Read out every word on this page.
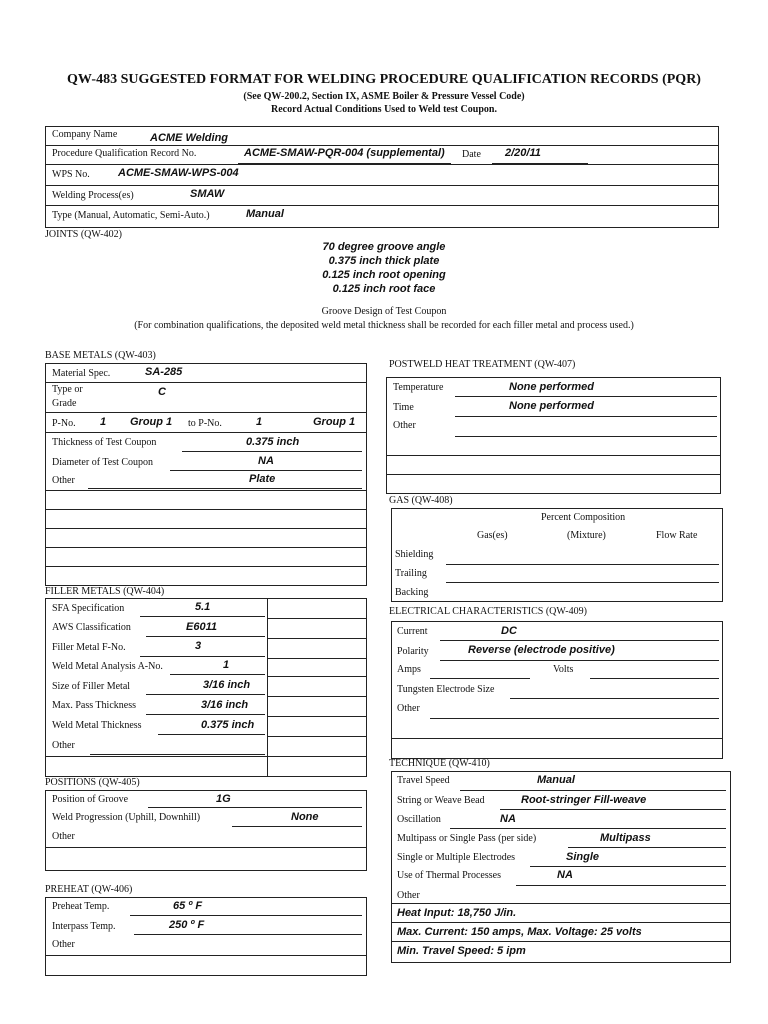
QW-483 SUGGESTED FORMAT FOR WELDING PROCEDURE QUALIFICATION RECORDS (PQR)
(See QW-200.2, Section IX, ASME Boiler & Pressure Vessel Code)
Record Actual Conditions Used to Weld test Coupon.
Company Name	ACME Welding
Procedure Qualification Record No.	ACME-SMAW-PQR-004 (supplemental) Date 2/20/11
WPS No.	ACME-SMAW-WPS-004
Welding Process(es)	SMAW
Type (Manual, Automatic, Semi-Auto.)	Manual
JOINTS (QW-402)
70 degree groove angle
0.375 inch thick plate
0.125 inch root opening
0.125 inch root face
Groove Design of Test Coupon
(For combination qualifications, the deposited weld metal thickness shall be recorded for each filler metal and process used.)
BASE METALS (QW-403)
Material Spec.	SA-285
Type or
Grade
C
P-No. 1 Group 1 to P-No.	1	Group 1
Thickness of Test Coupon	0.375 inch
Diameter of Test Coupon	NA
Other	Plate
POSTWELD HEAT TREATMENT (QW-407)
Temperature	None performed
Time	None performed
Other
GAS (QW-408)
Percent Composition
Gas(es)	(Mixture)	Flow Rate
Shielding
Trailing
Backing
FILLER METALS (QW-404)
SFA Specification	5.1
AWS Classification	E6011
Filler Metal F-No.	3
Weld Metal Analysis A-No.	1
Size of Filler Metal	3/16 inch
Max. Pass Thickness	3/16 inch
Weld Metal Thickness	0.375 inch
Other
ELECTRICAL CHARACTERISTICS (QW-409)
Current	DC
Polarity	Reverse (electrode positive)
Amps	Volts
Tungsten Electrode Size
Other
POSITIONS (QW-405)
Position of Groove	1G
Weld Progression (Uphill, Downhill)	None
Other
TECHNIQUE (QW-410)
Travel Speed	Manual
String or Weave Bead	Root-stringer Fill-weave
Oscillation	NA
Multipass or Single Pass (per side)	Multipass
Single or Multiple Electrodes	Single
Use of Thermal Processes	NA
Other
Heat Input: 18,750 J/in.
Max. Current: 150 amps, Max. Voltage: 25 volts
Min. Travel Speed: 5 ipm
PREHEAT (QW-406)
Preheat Temp.	65 º F
Interpass Temp.	250 º F
Other
